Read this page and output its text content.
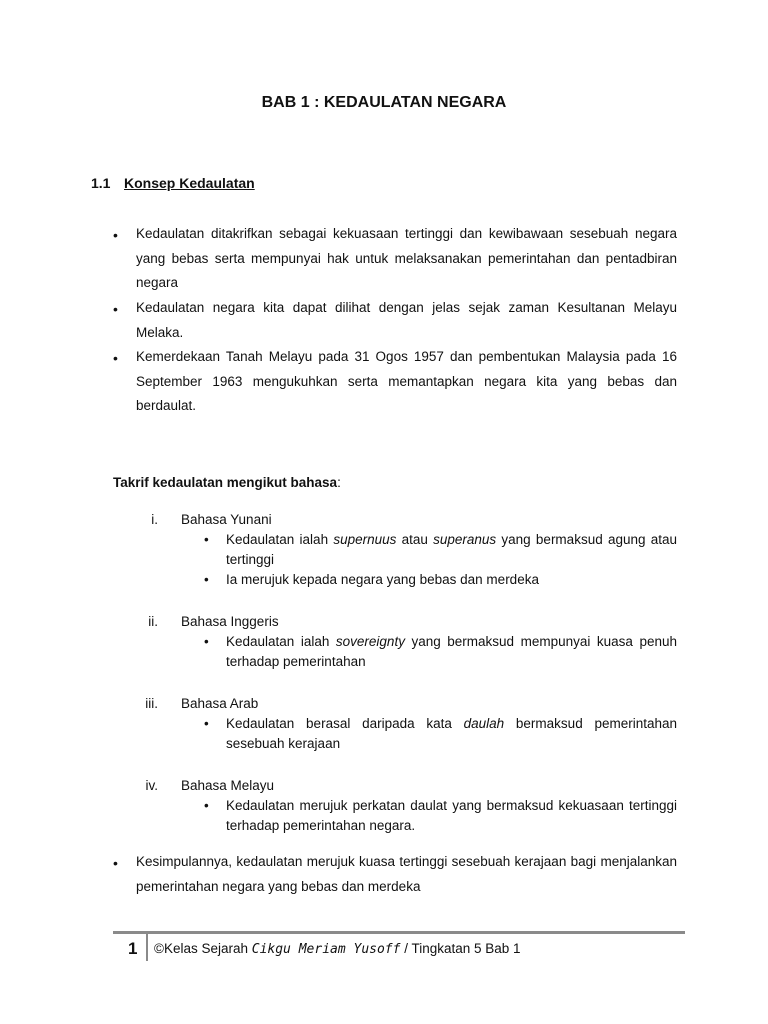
BAB 1 : KEDAULATAN NEGARA
1.1 Konsep Kedaulatan
• Kedaulatan ditakrifkan sebagai kekuasaan tertinggi dan kewibawaan sesebuah negara yang bebas serta mempunyai hak untuk melaksanakan pemerintahan dan pentadbiran negara
• Kedaulatan negara kita dapat dilihat dengan jelas sejak zaman Kesultanan Melayu Melaka.
• Kemerdekaan Tanah Melayu pada 31 Ogos 1957 dan pembentukan Malaysia pada 16 September 1963 mengukuhkan serta memantapkan negara kita yang bebas dan berdaulat.
Takrif kedaulatan mengikut bahasa:
i. Bahasa Yunani
• Kedaulatan ialah supernuus atau superanus yang bermaksud agung atau tertinggi
• Ia merujuk kepada negara yang bebas dan merdeka
ii. Bahasa Inggeris
• Kedaulatan ialah sovereignty yang bermaksud mempunyai kuasa penuh terhadap pemerintahan
iii. Bahasa Arab
• Kedaulatan berasal daripada kata daulah bermaksud pemerintahan sesebuah kerajaan
iv. Bahasa Melayu
• Kedaulatan merujuk perkatan daulat yang bermaksud kekuasaan tertinggi terhadap pemerintahan negara.
• Kesimpulannya, kedaulatan merujuk kuasa tertinggi sesebuah kerajaan bagi menjalankan pemerintahan negara yang bebas dan merdeka
1 ©Kelas Sejarah Cikgu Meriam Yusoff / Tingkatan 5 Bab 1
